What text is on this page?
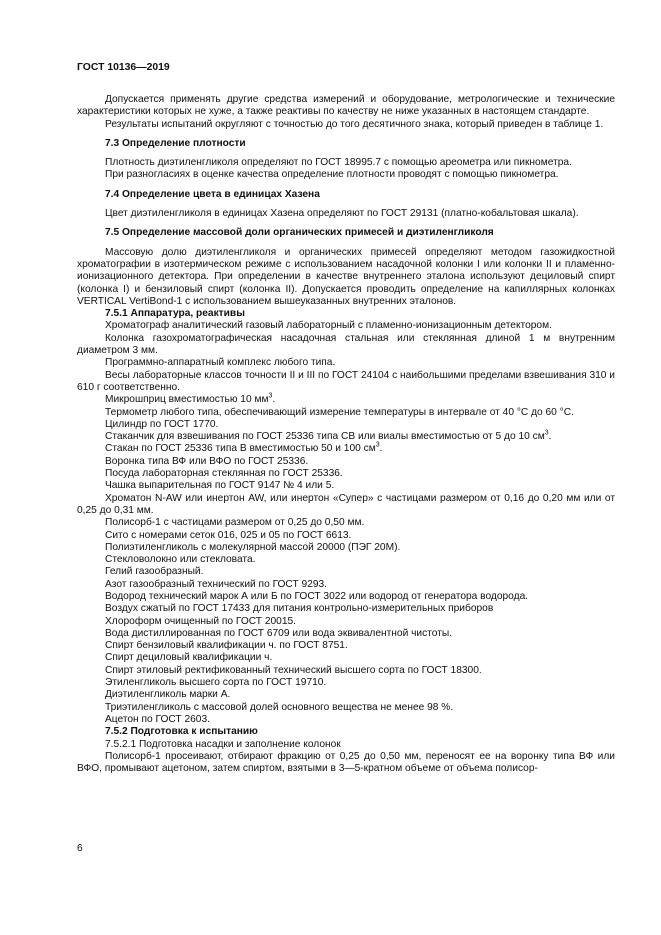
ГОСТ 10136—2019

Допускается применять другие средства измерений и оборудование, метрологические и технические характеристики которых не хуже, а также реактивы по качеству не ниже указанных в настоящем стандарте.

Результаты испытаний округляют с точностью до того десятичного знака, который приведен в таблице 1.

7.3 Определение плотности

Плотность диэтиленгликоля определяют по ГОСТ 18995.7 с помощью ареометра или пикнометра.

При разногласиях в оценке качества определение плотности проводят с помощью пикнометра.

7.4 Определение цвета в единицах Хазена

Цвет диэтиленгликоля в единицах Хазена определяют по ГОСТ 29131 (платно-кобальтовая шкала).

7.5 Определение массовой доли органических примесей и диэтиленгликоля

Массовую долю диэтиленгликоля и органических примесей определяют методом газожидкостной хроматографии в изотермическом режиме с использованием насадочной колонки I или колонки II и пламенно-ионизационного детектора. При определении в качестве внутреннего эталона используют дециловый спирт (колонка I) и бензиловый спирт (колонка II). Допускается проводить определение на капиллярных колонках VERTICAL VertiBond-1 с использованием вышеуказанных внутренних эталонов.

7.5.1 Аппаратура, реактивы

Хроматограф аналитический газовый лабораторный с пламенно-ионизационным детектором.

Колонка газохроматографическая насадочная стальная или стеклянная длиной 1 м внутренним диаметром 3 мм.

Программно-аппаратный комплекс любого типа.

Весы лабораторные классов точности II и III по ГОСТ 24104 с наибольшими пределами взвешивания 310 и 610 г соответственно.

Микрошприц вместимостью 10 $мм^3$.

Термометр любого типа, обеспечивающий измерение температуры в интервале от 40 °С до 60 °С.

Цилиндр по ГОСТ 1770.

Стаканчик для взвешивания по ГОСТ 25336 типа СВ или виалы вместимостью от 5 до 10 $см^3$.

Стакан по ГОСТ 25336 типа В вместимостью 50 и 100 $см^3$.

Воронка типа ВФ или ВФО по ГОСТ 25336.

Посуда лабораторная стеклянная по ГОСТ 25336.

Чашка выпарительная по ГОСТ 9147 № 4 или 5.

Хроматон N-AW или инертон AW, или инертон «Супер» с частицами размером от 0,16 до 0,20 мм или от 0,25 до 0,31 мм.

Полисорб-1 с частицами размером от 0,25 до 0,50 мм.

Сито с номерами сеток 016, 025 и 05 по ГОСТ 6613.

Полиэтиленгликоль с молекулярной массой 20000 (ПЭГ 20М).

Стекловолокно или стекловата.

Гелий газообразный.

Азот газообразный технический по ГОСТ 9293.

Водород технический марок А или Б по ГОСТ 3022 или водород от генератора водорода.

Воздух сжатый по ГОСТ 17433 для питания контрольно-измерительных приборов

Хлороформ очищенный по ГОСТ 20015.

Вода дистиллированная по ГОСТ 6709 или вода эквивалентной чистоты.

Спирт бензиловый квалификации ч. по ГОСТ 8751.

Спирт дециловый квалификации ч.

Спирт этиловый ректификованный технический высшего сорта по ГОСТ 18300.

Этиленгликоль высшего сорта по ГОСТ 19710.

Диэтиленгликоль марки А.

Триэтиленгликоль с массовой долей основного вещества не менее 98 %.

Ацетон по ГОСТ 2603.

7.5.2 Подготовка к испытанию
7.5.2.1 Подготовка насадки и заполнение колонок

Полисорб-1 просеивают, отбирают фракцию от 0,25 до 0,50 мм, переносят ее на воронку типа ВФ или ВФО, промывают ацетоном, затем спиртом, взятыми в 3—5-кратном объеме от объема полисор-

6
